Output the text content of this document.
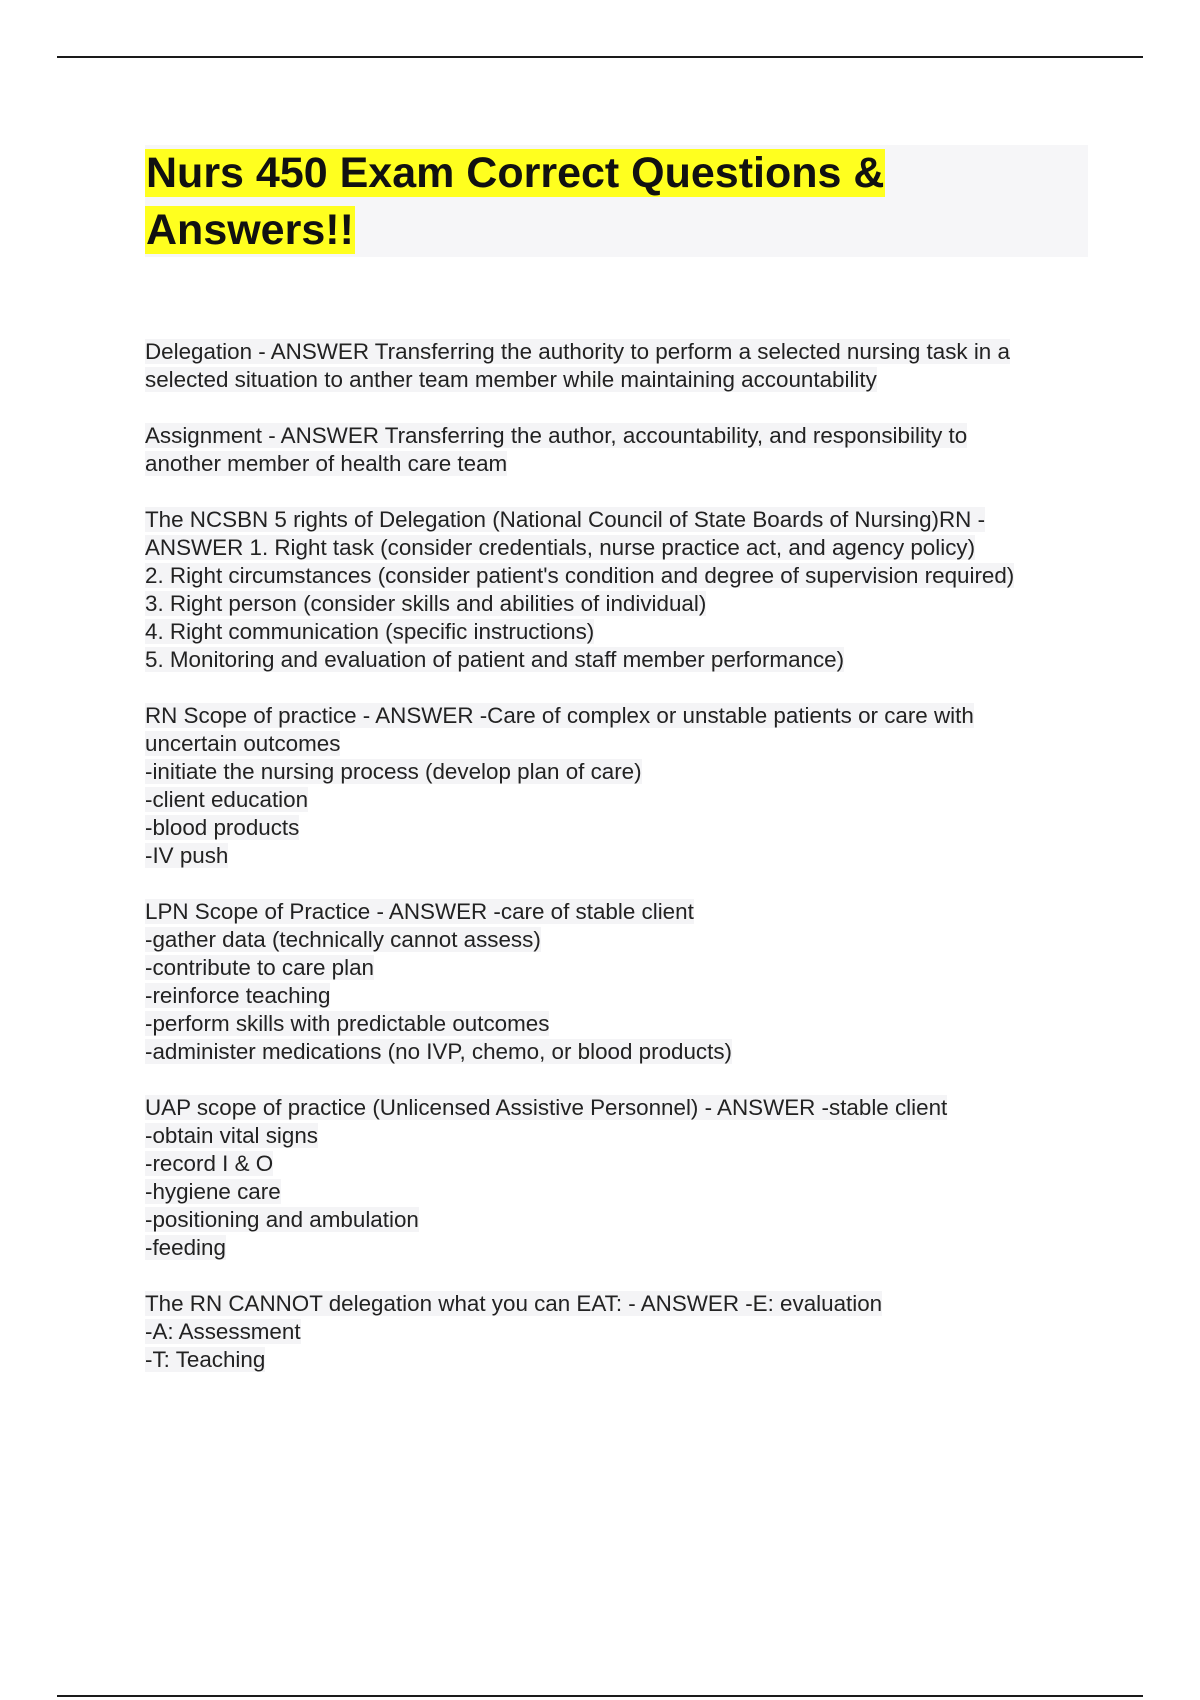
Nurs 450 Exam Correct Questions &
Answers!!
Delegation - ANSWER Transferring the authority to perform a selected nursing task in a
selected situation to anther team member while maintaining accountability
Assignment - ANSWER Transferring the author, accountability, and responsibility to
another member of health care team
The NCSBN 5 rights of Delegation (National Council of State Boards of Nursing)RN -
ANSWER 1. Right task (consider credentials, nurse practice act, and agency policy)
2. Right circumstances (consider patient's condition and degree of supervision required)
3. Right person (consider skills and abilities of individual)
4. Right communication (specific instructions)
5. Monitoring and evaluation of patient and staff member performance)
RN Scope of practice - ANSWER -Care of complex or unstable patients or care with
uncertain outcomes
-initiate the nursing process (develop plan of care)
-client education
-blood products
-IV push
LPN Scope of Practice - ANSWER -care of stable client
-gather data (technically cannot assess)
-contribute to care plan
-reinforce teaching
-perform skills with predictable outcomes
-administer medications (no IVP, chemo, or blood products)
UAP scope of practice (Unlicensed Assistive Personnel) - ANSWER -stable client
-obtain vital signs
-record I & O
-hygiene care
-positioning and ambulation
-feeding
The RN CANNOT delegation what you can EAT: - ANSWER -E: evaluation
-A: Assessment
-T: Teaching
